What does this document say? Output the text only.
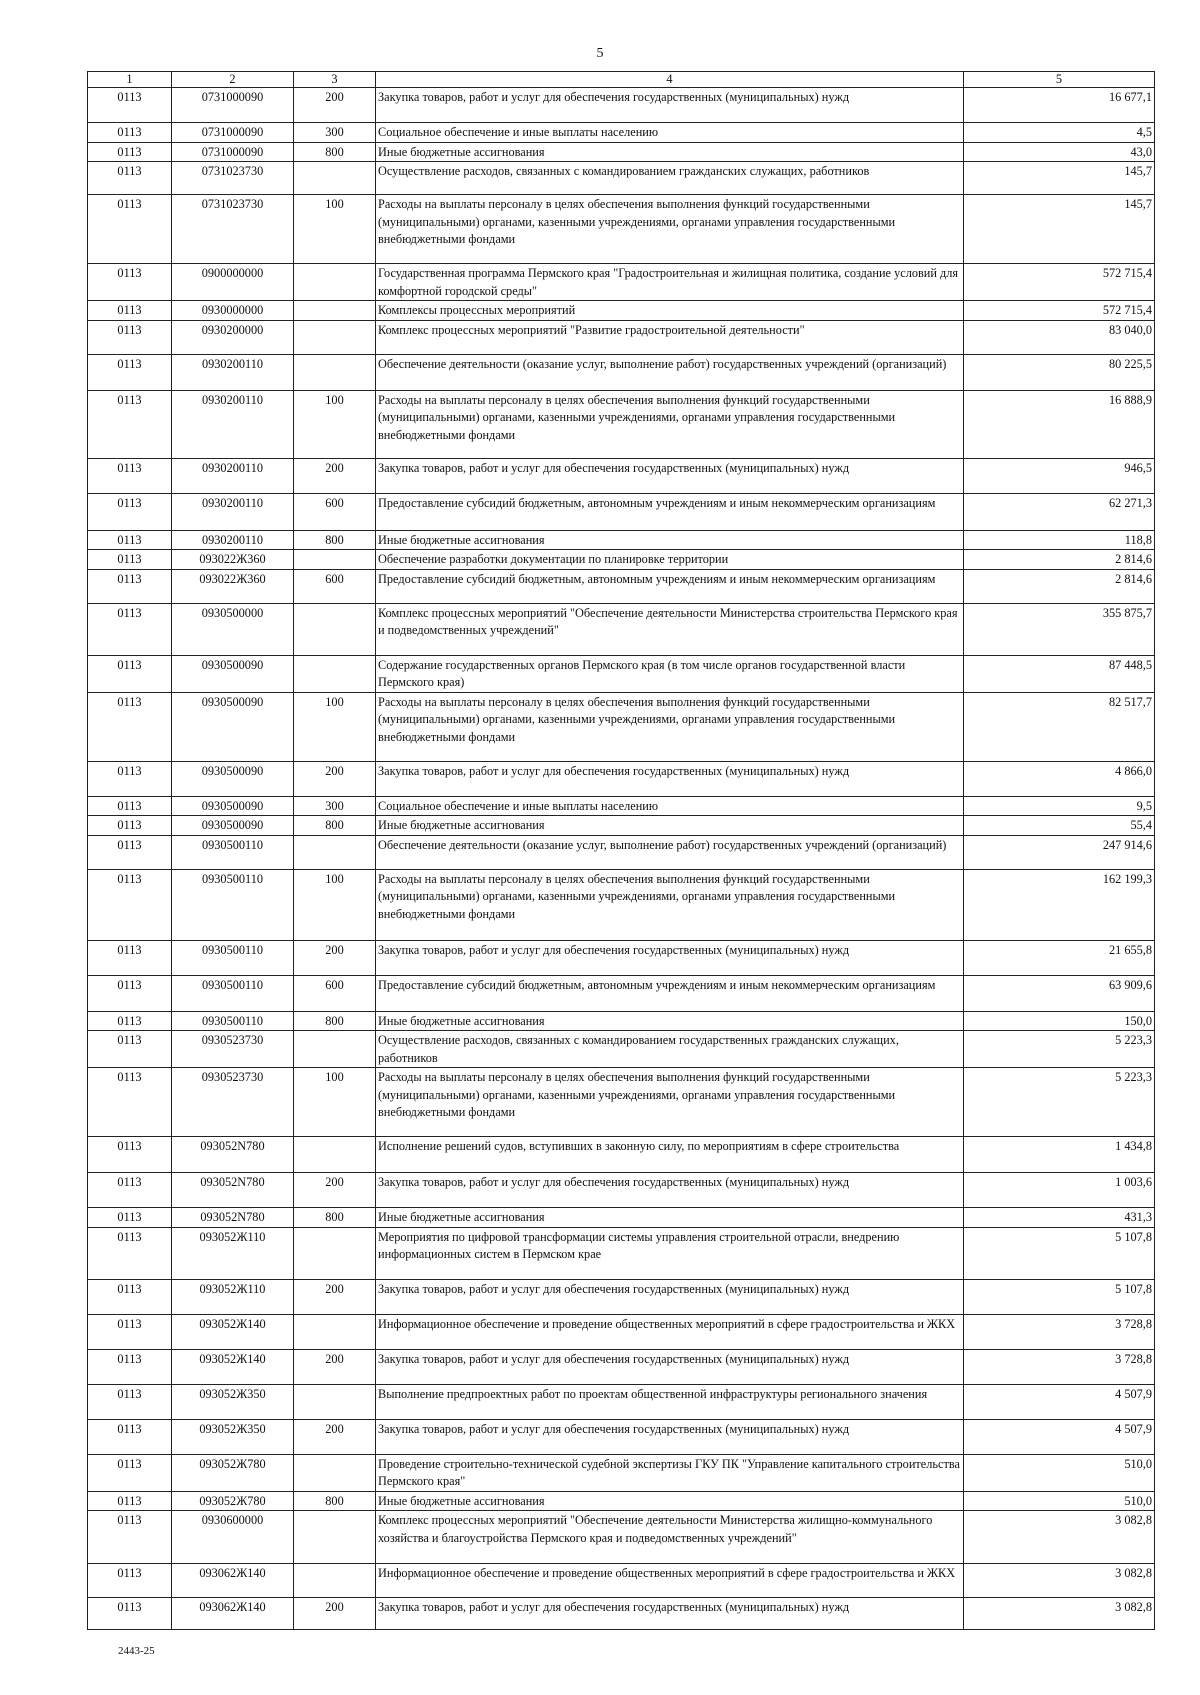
5
1	2	3	4	5
0113	0731000090	200	Закупка товаров, работ и услуг для обеспечения государственных (муниципальных) нужд	16 677,1
0113	0731000090	300	Социальное обеспечение и иные выплаты населению	4,5
0113	0731000090	800	Иные бюджетные ассигнования	43,0
0113	0731023730		Осуществление расходов, связанных с командированием гражданских служащих, работников	145,7
0113	0731023730	100	Расходы на выплаты персоналу в целях обеспечения выполнения функций государственными (муниципальными) органами, казенными учреждениями, органами управления государственными внебюджетными фондами	145,7
0113	0900000000		Государственная программа Пермского края "Градостроительная и жилищная политика, создание условий для комфортной городской среды"	572 715,4
0113	0930000000		Комплексы процессных мероприятий	572 715,4
0113	0930200000		Комплекс процессных мероприятий "Развитие градостроительной деятельности"	83 040,0
0113	0930200110		Обеспечение деятельности (оказание услуг, выполнение работ) государственных учреждений (организаций)	80 225,5
0113	0930200110	100	Расходы на выплаты персоналу в целях обеспечения выполнения функций государственными (муниципальными) органами, казенными учреждениями, органами управления государственными внебюджетными фондами	16 888,9
0113	0930200110	200	Закупка товаров, работ и услуг для обеспечения государственных (муниципальных) нужд	946,5
0113	0930200110	600	Предоставление субсидий бюджетным, автономным учреждениям и иным некоммерческим организациям	62 271,3
0113	0930200110	800	Иные бюджетные ассигнования	118,8
0113	093022Ж360		Обеспечение разработки документации по планировке территории	2 814,6
0113	093022Ж360	600	Предоставление субсидий бюджетным, автономным учреждениям и иным некоммерческим организациям	2 814,6
0113	0930500000		Комплекс процессных мероприятий "Обеспечение деятельности Министерства строительства Пермского края и подведомственных учреждений"	355 875,7
0113	0930500090		Содержание государственных органов Пермского края (в том числе органов государственной власти Пермского края)	87 448,5
0113	0930500090	100	Расходы на выплаты персоналу в целях обеспечения выполнения функций государственными (муниципальными) органами, казенными учреждениями, органами управления государственными внебюджетными фондами	82 517,7
0113	0930500090	200	Закупка товаров, работ и услуг для обеспечения государственных (муниципальных) нужд	4 866,0
0113	0930500090	300	Социальное обеспечение и иные выплаты населению	9,5
0113	0930500090	800	Иные бюджетные ассигнования	55,4
0113	0930500110		Обеспечение деятельности (оказание услуг, выполнение работ) государственных учреждений (организаций)	247 914,6
0113	0930500110	100	Расходы на выплаты персоналу в целях обеспечения выполнения функций государственными (муниципальными) органами, казенными учреждениями, органами управления государственными внебюджетными фондами	162 199,3
0113	0930500110	200	Закупка товаров, работ и услуг для обеспечения государственных (муниципальных) нужд	21 655,8
0113	0930500110	600	Предоставление субсидий бюджетным, автономным учреждениям и иным некоммерческим организациям	63 909,6
0113	0930500110	800	Иные бюджетные ассигнования	150,0
0113	0930523730		Осуществление расходов, связанных с командированием государственных гражданских служащих, работников	5 223,3
0113	0930523730	100	Расходы на выплаты персоналу в целях обеспечения выполнения функций государственными (муниципальными) органами, казенными учреждениями, органами управления государственными внебюджетными фондами	5 223,3
0113	093052N780		Исполнение решений судов, вступивших в законную силу, по мероприятиям в сфере строительства	1 434,8
0113	093052N780	200	Закупка товаров, работ и услуг для обеспечения государственных (муниципальных) нужд	1 003,6
0113	093052N780	800	Иные бюджетные ассигнования	431,3
0113	093052Ж110		Мероприятия по цифровой трансформации системы управления строительной отрасли, внедрению информационных систем в Пермском крае	5 107,8
0113	093052Ж110	200	Закупка товаров, работ и услуг для обеспечения государственных (муниципальных) нужд	5 107,8
0113	093052Ж140		Информационное обеспечение и проведение общественных мероприятий в сфере градостроительства и ЖКХ	3 728,8
0113	093052Ж140	200	Закупка товаров, работ и услуг для обеспечения государственных (муниципальных) нужд	3 728,8
0113	093052Ж350		Выполнение предпроектных работ по проектам общественной инфраструктуры регионального значения	4 507,9
0113	093052Ж350	200	Закупка товаров, работ и услуг для обеспечения государственных (муниципальных) нужд	4 507,9
0113	093052Ж780		Проведение строительно-технической судебной экспертизы ГКУ ПК "Управление капитального строительства Пермского края"	510,0
0113	093052Ж780	800	Иные бюджетные ассигнования	510,0
0113	0930600000		Комплекс процессных мероприятий "Обеспечение деятельности Министерства жилищно-коммунального хозяйства и благоустройства Пермского края и подведомственных учреждений"	3 082,8
0113	093062Ж140		Информационное обеспечение и проведение общественных мероприятий в сфере градостроительства и ЖКХ	3 082,8
0113	093062Ж140	200	Закупка товаров, работ и услуг для обеспечения государственных (муниципальных) нужд	3 082,8
2443-25
